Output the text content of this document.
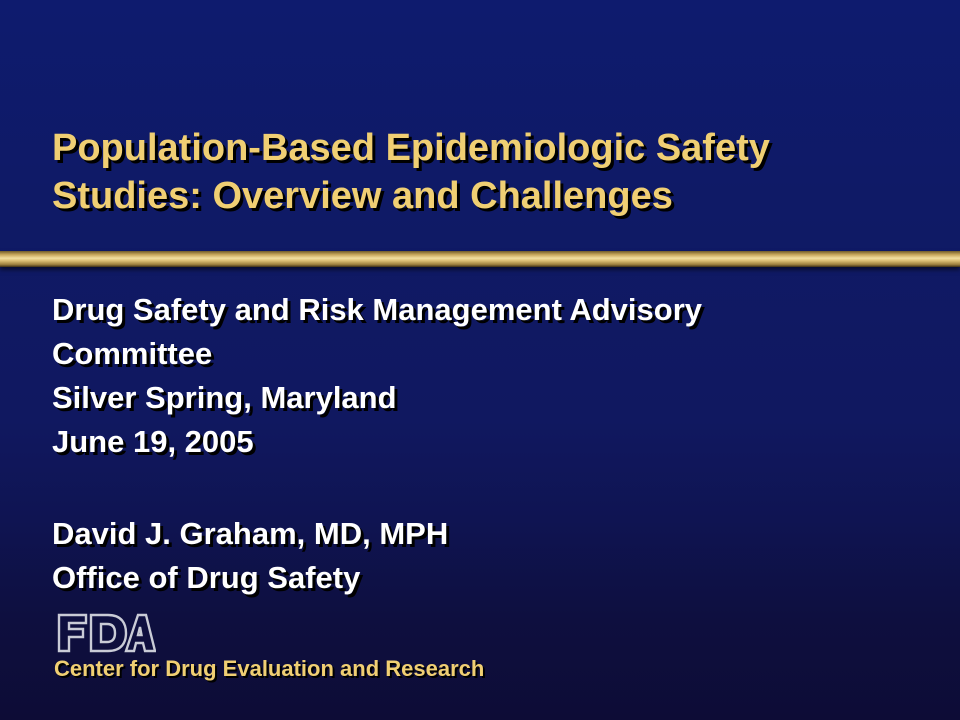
Population-Based Epidemiologic Safety
Studies: Overview and Challenges
Drug Safety and Risk Management Advisory
Committee
Silver Spring, Maryland
June 19, 2005
David J. Graham, MD, MPH
Office of Drug Safety
Center for Drug Evaluation and Research
